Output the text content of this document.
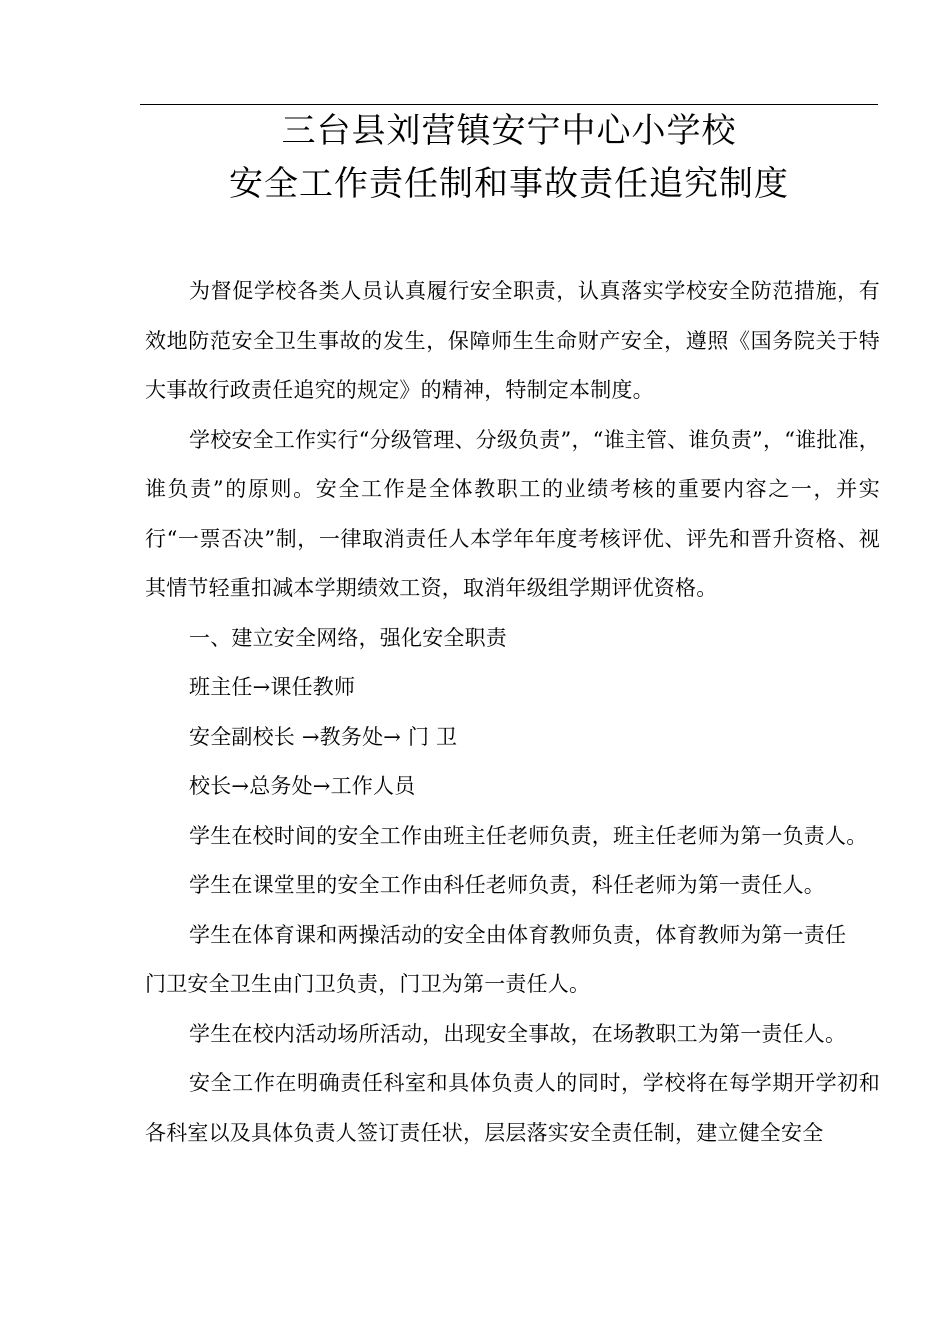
三台县刘营镇安宁中心小学校
安全工作责任制和事故责任追究制度

为督促学校各类人员认真履行安全职责，认真落实学校安全防范措施，有效地防范安全卫生事故的发生，保障师生生命财产安全，遵照《国务院关于特大事故行政责任追究的规定》的精神，特制定本制度。

学校安全工作实行“分级管理、分级负责”，“谁主管、谁负责”，“谁批准，谁负责”的原则。安全工作是全体教职工的业绩考核的重要内容之一，并实行“一票否决”制，一律取消责任人本学年年度考核评优、评先和晋升资格、视其情节轻重扣减本学期绩效工资，取消年级组学期评优资格。

一、建立安全网络，强化安全职责

班主任→课任教师

安全副校长 →教务处→ 门 卫

校长→总务处→工作人员

学生在校时间的安全工作由班主任老师负责，班主任老师为第一负责人。

学生在课堂里的安全工作由科任老师负责，科任老师为第一责任人。

学生在体育课和两操活动的安全由体育教师负责，体育教师为第一责任

门卫安全卫生由门卫负责，门卫为第一责任人。

学生在校内活动场所活动，出现安全事故，在场教职工为第一责任人。

安全工作在明确责任科室和具体负责人的同时，学校将在每学期开学初和各科室以及具体负责人签订责任状，层层落实安全责任制，建立健全安全
